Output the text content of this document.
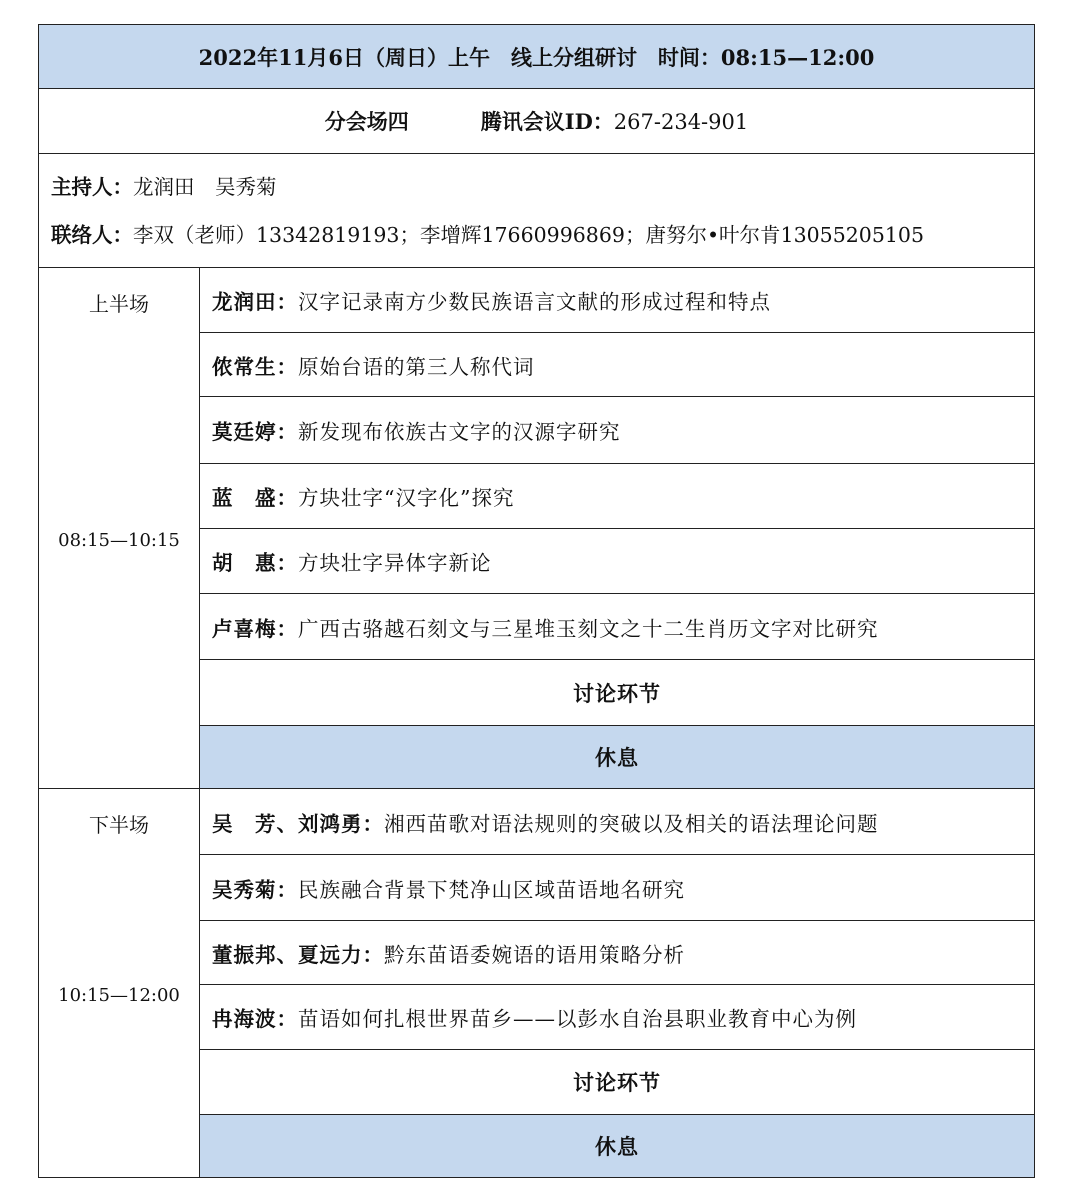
2022年11月6日（周日）上午　线上分组研讨　时间：08:15—12:00	
分会场四 腾讯会议ID：267-234-901	

主持人：龙润田　吴秀菊
联络人：李双（老师）13342819193；李增辉17660996869；唐努尔•叶尔肯13055205105	

上半场
08:15—10:15	龙润田：汉字记录南方少数民族语言文献的形成过程和特点
	侬常生：原始台语的第三人称代词
	莫廷婷：新发现布依族古文字的汉源字研究
	蓝　盛：方块壮字“汉字化”探究
	胡　惠：方块壮字异体字新论
	卢喜梅：广西古骆越石刻文与三星堆玉刻文之十二生肖历文字对比研究
	讨论环节
	休息

下半场
10:15—12:00	吴　芳、刘鸿勇：湘西苗歌对语法规则的突破以及相关的语法理论问题
	吴秀菊：民族融合背景下梵净山区域苗语地名研究
	董振邦、夏远力：黔东苗语委婉语的语用策略分析
	冉海波：苗语如何扎根世界苗乡——以彭水自治县职业教育中心为例
	讨论环节
	休息
